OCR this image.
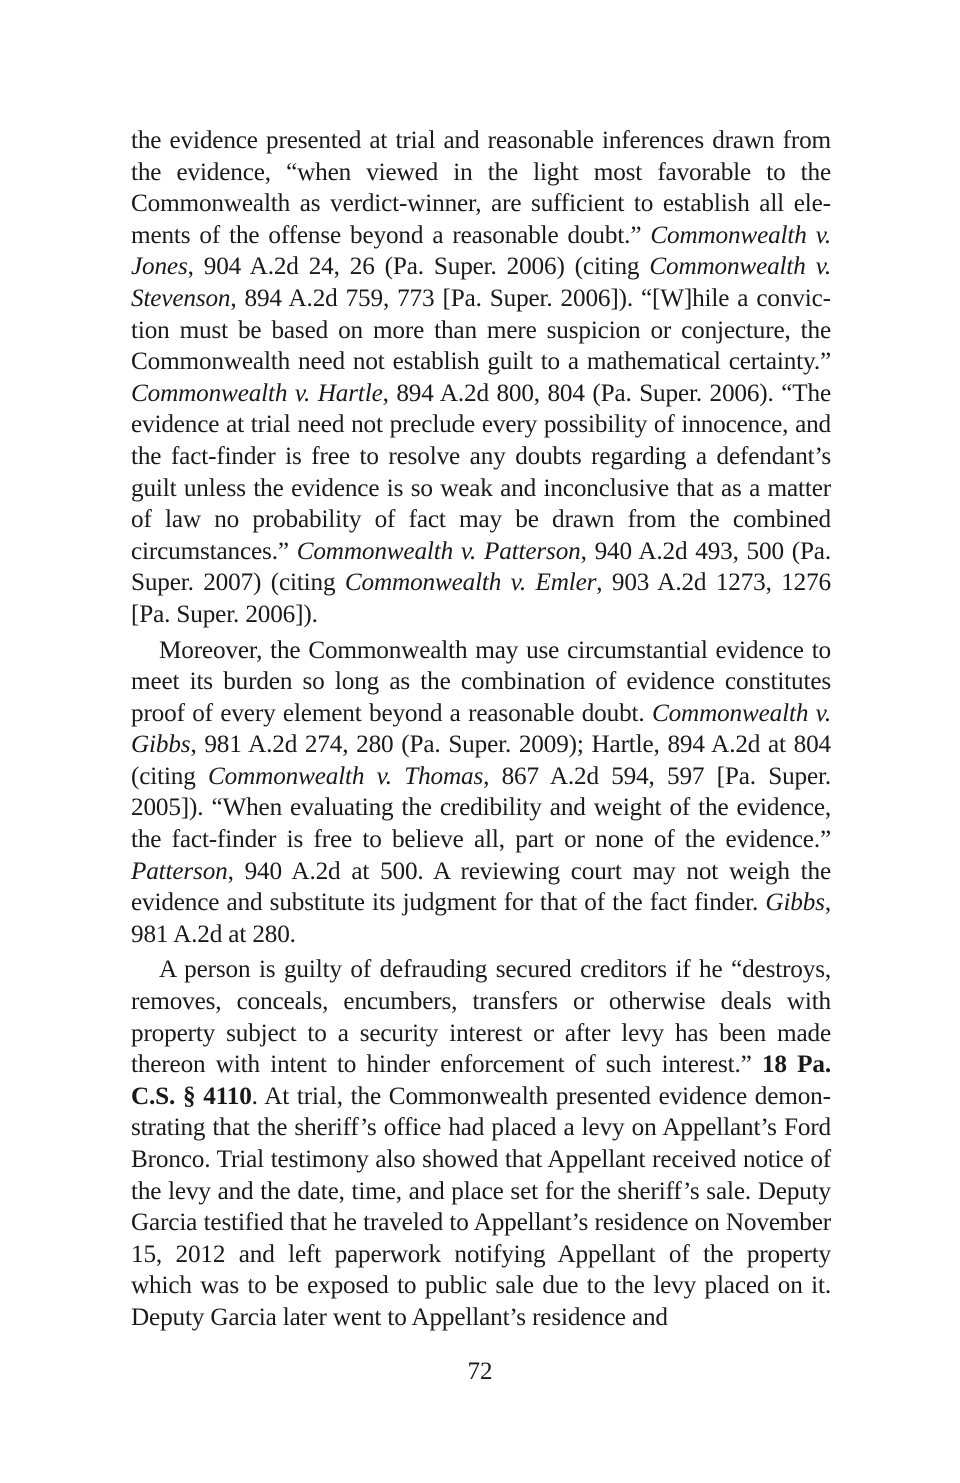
the evidence presented at trial and reasonable inferences drawn from the evidence, “when viewed in the light most favorable to the Commonwealth as verdict-winner, are sufficient to establish all elements of the offense beyond a reasonable doubt.” Commonwealth v. Jones, 904 A.2d 24, 26 (Pa. Super. 2006) (citing Commonwealth v. Stevenson, 894 A.2d 759, 773 [Pa. Super. 2006]). “[W]hile a conviction must be based on more than mere suspicion or conjecture, the Commonwealth need not establish guilt to a mathematical certainty.” Commonwealth v. Hartle, 894 A.2d 800, 804 (Pa. Super. 2006). “The evidence at trial need not preclude every possibility of innocence, and the fact-finder is free to resolve any doubts regarding a defendant’s guilt unless the evidence is so weak and inconclusive that as a matter of law no probability of fact may be drawn from the combined circumstances.” Commonwealth v. Patterson, 940 A.2d 493, 500 (Pa. Super. 2007) (citing Commonwealth v. Emler, 903 A.2d 1273, 1276 [Pa. Super. 2006]).

Moreover, the Commonwealth may use circumstantial evidence to meet its burden so long as the combination of evidence constitutes proof of every element beyond a reasonable doubt. Commonwealth v. Gibbs, 981 A.2d 274, 280 (Pa. Super. 2009); Hartle, 894 A.2d at 804 (citing Commonwealth v. Thomas, 867 A.2d 594, 597 [Pa. Super. 2005]). “When evaluating the credibility and weight of the evidence, the fact-finder is free to believe all, part or none of the evidence.” Patterson, 940 A.2d at 500. A reviewing court may not weigh the evidence and substitute its judgment for that of the fact finder. Gibbs, 981 A.2d at 280.

A person is guilty of defrauding secured creditors if he “destroys, removes, conceals, encumbers, transfers or otherwise deals with property subject to a security interest or after levy has been made thereon with intent to hinder enforcement of such interest.” 18 Pa. C.S. § 4110. At trial, the Commonwealth presented evidence demonstrating that the sheriff’s office had placed a levy on Appellant’s Ford Bronco. Trial testimony also showed that Appellant received notice of the levy and the date, time, and place set for the sheriff’s sale. Deputy Garcia testified that he traveled to Appellant’s residence on November 15, 2012 and left paperwork notifying Appellant of the property which was to be exposed to public sale due to the levy placed on it. Deputy Garcia later went to Appellant’s residence and

72
